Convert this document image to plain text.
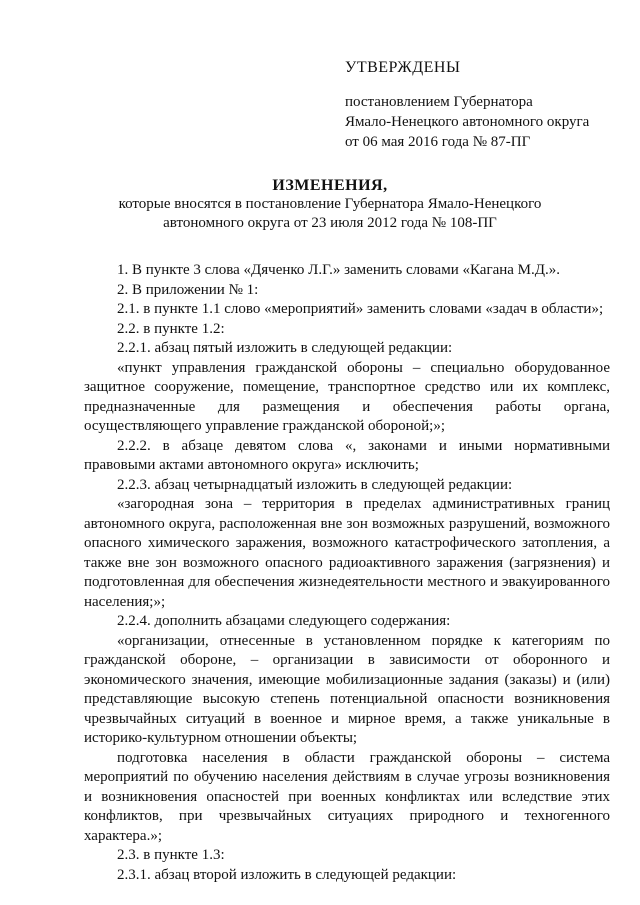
УТВЕРЖДЕНЫ
постановлением Губернатора
Ямало-Ненецкого автономного округа
от 06 мая 2016 года № 87-ПГ
ИЗМЕНЕНИЯ,
которые вносятся в постановление Губернатора Ямало-Ненецкого
автономного округа от 23 июля 2012 года № 108-ПГ

1. В пункте 3 слова «Дяченко Л.Г.» заменить словами «Кагана М.Д.».

2. В приложении № 1:

2.1. в пункте 1.1 слово «мероприятий» заменить словами «задач в области»;

2.2. в пункте 1.2:

2.2.1. абзац пятый изложить в следующей редакции:

«пункт управления гражданской обороны – специально оборудованное защитное сооружение, помещение, транспортное средство или их комплекс, предназначенные для размещения и обеспечения работы органа, осуществляющего управление гражданской обороной;»;

2.2.2. в абзаце девятом слова «, законами и иными нормативными правовыми актами автономного округа» исключить;

2.2.3. абзац четырнадцатый изложить в следующей редакции:

«загородная зона – территория в пределах административных границ автономного округа, расположенная вне зон возможных разрушений, возможного опасного химического заражения, возможного катастрофического затопления, а также вне зон возможного опасного радиоактивного заражения (загрязнения) и подготовленная для обеспечения жизнедеятельности местного и эвакуированного населения;»;

2.2.4. дополнить абзацами следующего содержания:

«организации, отнесенные в установленном порядке к категориям по гражданской обороне, – организации в зависимости от оборонного и экономического значения, имеющие мобилизационные задания (заказы) и (или) представляющие высокую степень потенциальной опасности возникновения чрезвычайных ситуаций в военное и мирное время, а также уникальные в историко-культурном отношении объекты;

подготовка населения в области гражданской обороны – система мероприятий по обучению населения действиям в случае угрозы возникновения и возникновения опасностей при военных конфликтах или вследствие этих конфликтов, при чрезвычайных ситуациях природного и техногенного характера.»;

2.3. в пункте 1.3:

2.3.1. абзац второй изложить в следующей редакции:
